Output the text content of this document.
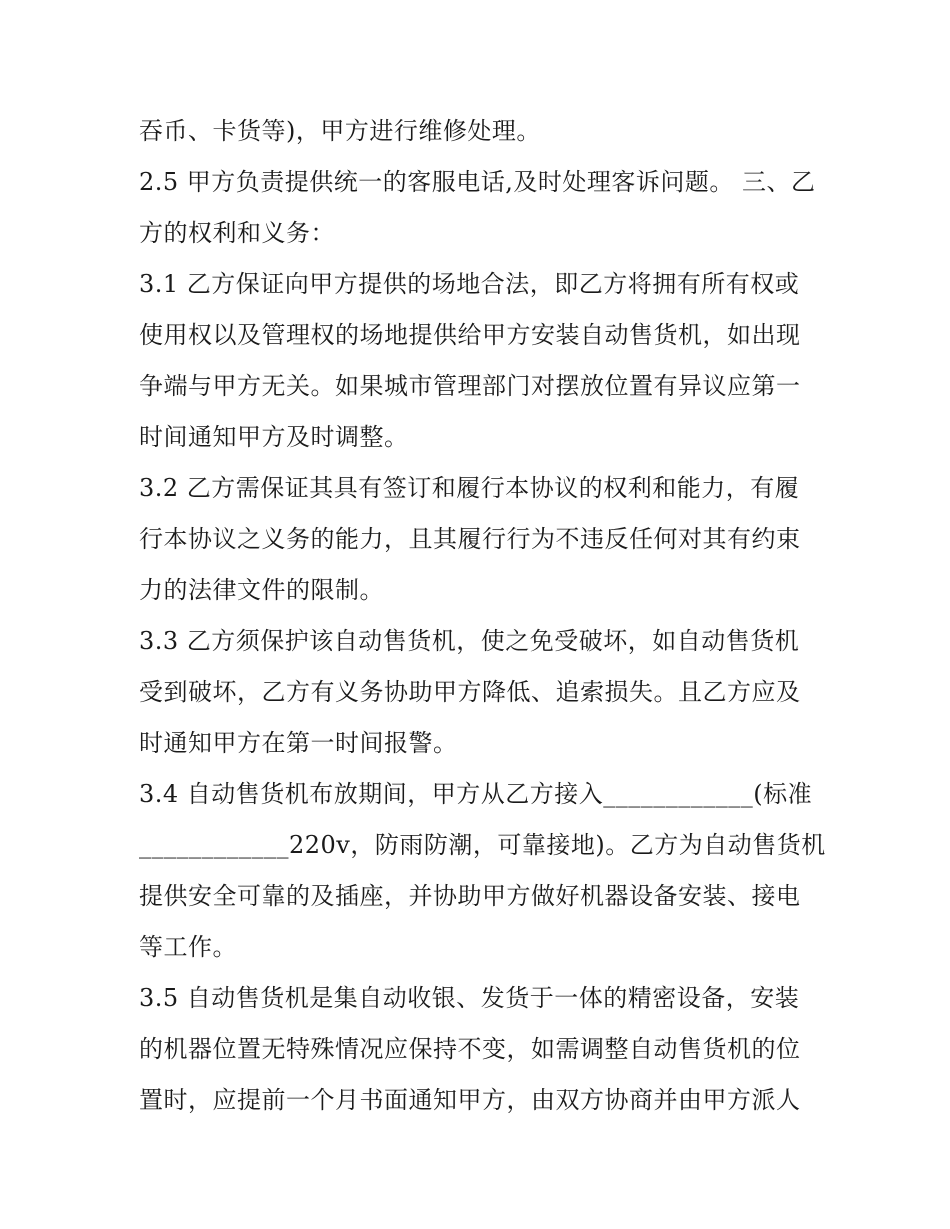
吞币、卡货等)，甲方进行维修处理。
2.5 甲方负责提供统一的客服电话,及时处理客诉问题。 三、乙
方的权利和义务：
3.1 乙方保证向甲方提供的场地合法，即乙方将拥有所有权或
使用权以及管理权的场地提供给甲方安装自动售货机，如出现
争端与甲方无关。如果城市管理部门对摆放位置有异议应第一
时间通知甲方及时调整。
3.2 乙方需保证其具有签订和履行本协议的权利和能力，有履
行本协议之义务的能力，且其履行行为不违反任何对其有约束
力的法律文件的限制。
3.3 乙方须保护该自动售货机，使之免受破坏，如自动售货机
受到破坏，乙方有义务协助甲方降低、追索损失。且乙方应及
时通知甲方在第一时间报警。
3.4 自动售货机布放期间，甲方从乙方接入____________(标准
____________220v，防雨防潮，可靠接地)。乙方为自动售货机
提供安全可靠的及插座，并协助甲方做好机器设备安装、接电
等工作。
3.5 自动售货机是集自动收银、发货于一体的精密设备，安装
的机器位置无特殊情况应保持不变，如需调整自动售货机的位
置时，应提前一个月书面通知甲方，由双方协商并由甲方派人
